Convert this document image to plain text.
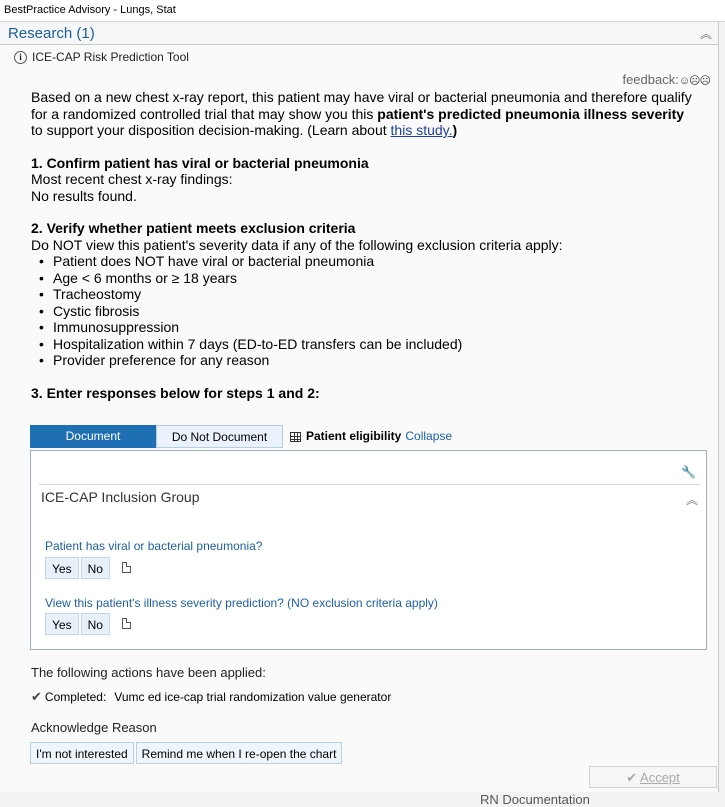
BestPractice Advisory - Lungs, Stat
Research (1)	︽
i ICE-CAP Risk Prediction Tool
feedback:☺☹☹

Based on a new chest x-ray report, this patient may have viral or bacterial pneumonia and therefore qualify for a randomized controlled trial that may show you this patient's predicted pneumonia illness severity to support your disposition decision-making. (Learn about this study.)

1. Confirm patient has viral or bacterial pneumonia

Most recent chest x-ray findings:

No results found.

2. Verify whether patient meets exclusion criteria

Do NOT view this patient's severity data if any of the following exclusion criteria apply:

• Patient does NOT have viral or bacterial pneumonia
• Age < 6 months or ≥ 18 years
• Tracheostomy
• Cystic fibrosis
• Immunosuppression
• Hospitalization within 7 days (ED-to-ED transfers can be included)
• Provider preference for any reason

3. Enter responses below for steps 1 and 2:

Document	Do Not Document	Patient eligibility Collapse
🔧
ICE-CAP Inclusion Group	︽
Patient has viral or bacterial pneumonia?
Yes No
View this patient's illness severity prediction? (NO exclusion criteria apply)
Yes No
The following actions have been applied:
✔ Completed: Vumc ed ice-cap trial randomization value generator
Acknowledge Reason
I'm not interested Remind me when I re-open the chart
✔ Accept
RN Documentation
